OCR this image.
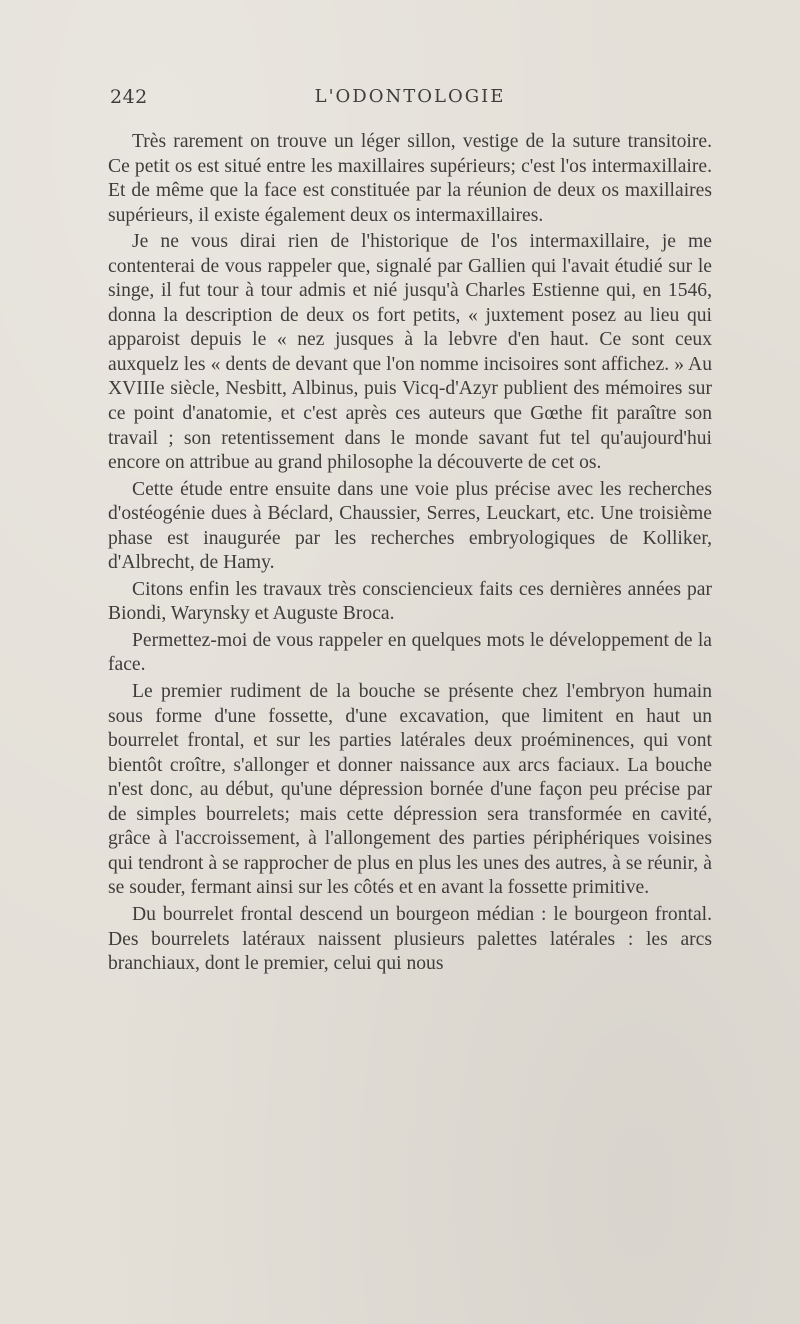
242	L'ODONTOLOGIE

Très rarement on trouve un léger sillon, vestige de la suture transitoire. Ce petit os est situé entre les maxillaires supérieurs; c'est l'os intermaxillaire. Et de même que la face est constituée par la réunion de deux os maxillaires supérieurs, il existe également deux os intermaxillaires.

Je ne vous dirai rien de l'historique de l'os intermaxillaire, je me contenterai de vous rappeler que, signalé par Gallien qui l'avait étudié sur le singe, il fut tour à tour admis et nié jusqu'à Charles Estienne qui, en 1546, donna la description de deux os fort petits, « juxtement posez au lieu qui apparoist depuis le « nez jusques à la lebvre d'en haut. Ce sont ceux auxquelz les « dents de devant que l'on nomme incisoires sont affichez. » Au XVIIIe siècle, Nesbitt, Albinus, puis Vicq-d'Azyr publient des mémoires sur ce point d'anatomie, et c'est après ces auteurs que Gœthe fit paraître son travail ; son retentissement dans le monde savant fut tel qu'aujourd'hui encore on attribue au grand philosophe la découverte de cet os.

Cette étude entre ensuite dans une voie plus précise avec les recherches d'ostéogénie dues à Béclard, Chaussier, Serres, Leuckart, etc. Une troisième phase est inaugurée par les recherches embryologiques de Kolliker, d'Albrecht, de Hamy.

Citons enfin les travaux très consciencieux faits ces dernières années par Biondi, Warynsky et Auguste Broca.

Permettez-moi de vous rappeler en quelques mots le développement de la face.

Le premier rudiment de la bouche se présente chez l'embryon humain sous forme d'une fossette, d'une excavation, que limitent en haut un bourrelet frontal, et sur les parties latérales deux proéminences, qui vont bientôt croître, s'allonger et donner naissance aux arcs faciaux. La bouche n'est donc, au début, qu'une dépression bornée d'une façon peu précise par de simples bourrelets; mais cette dépression sera transformée en cavité, grâce à l'accroissement, à l'allongement des parties périphériques voisines qui tendront à se rapprocher de plus en plus les unes des autres, à se réunir, à se souder, fermant ainsi sur les côtés et en avant la fossette primitive.

Du bourrelet frontal descend un bourgeon médian : le bourgeon frontal. Des bourrelets latéraux naissent plusieurs palettes latérales : les arcs branchiaux, dont le premier, celui qui nous
